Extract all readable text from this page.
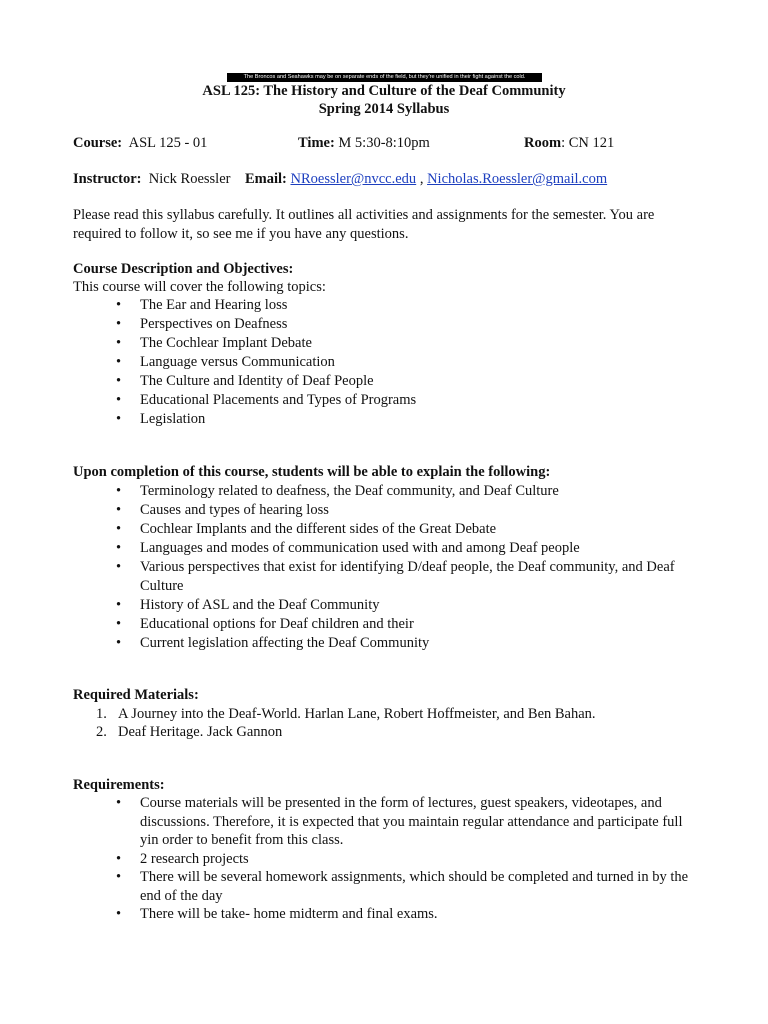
The Broncos and Seahawks may be on separate ends of the field, but they're unified in their fight against the cold.
ASL 125: The History and Culture of the Deaf Community
Spring 2014 Syllabus
Course: ASL 125 - 01	Time: M 5:30-8:10pm	Room: CN 121
Instructor: Nick Roessler Email: NRoessler@nvcc.edu , Nicholas.Roessler@gmail.com
Please read this syllabus carefully. It outlines all activities and assignments for the semester. You are required to follow it, so see me if you have any questions.
Course Description and Objectives:
This course will cover the following topics:
• The Ear and Hearing loss
• Perspectives on Deafness
• The Cochlear Implant Debate
• Language versus Communication
• The Culture and Identity of Deaf People
• Educational Placements and Types of Programs
• Legislation
Upon completion of this course, students will be able to explain the following:
• Terminology related to deafness, the Deaf community, and Deaf Culture
• Causes and types of hearing loss
• Cochlear Implants and the different sides of the Great Debate
• Languages and modes of communication used with and among Deaf people
• Various perspectives that exist for identifying D/deaf people, the Deaf community, and Deaf Culture
• History of ASL and the Deaf Community
• Educational options for Deaf children and their
• Current legislation affecting the Deaf Community
Required Materials:
1. A Journey into the Deaf-World. Harlan Lane, Robert Hoffmeister, and Ben Bahan.
2. Deaf Heritage. Jack Gannon
Requirements:
• Course materials will be presented in the form of lectures, guest speakers, videotapes, and discussions. Therefore, it is expected that you maintain regular attendance and participate full yin order to benefit from this class.
• 2 research projects
• There will be several homework assignments, which should be completed and turned in by the end of the day
• There will be take- home midterm and final exams.
